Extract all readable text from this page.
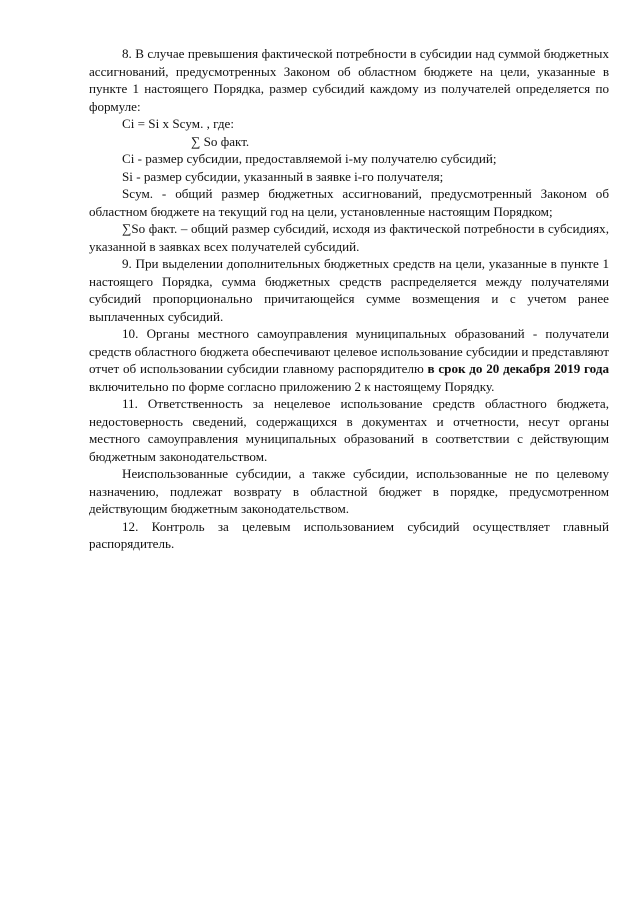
8. В случае превышения фактической потребности в субсидии над суммой бюджетных ассигнований, предусмотренных Законом об областном бюджете на цели, указанные в пункте 1 настоящего Порядка, размер субсидий каждому из получателей определяется по формуле:

Ci = Si x Scум. , где:

∑ So факт.

Ci - размер субсидии, предоставляемой i-му получателю субсидий;

Si - размер субсидии, указанный в заявке i-го получателя;

Scум. - общий размер бюджетных ассигнований, предусмотренный Законом об областном бюджете на текущий год на цели, установленные настоящим Порядком;

∑So факт. – общий размер субсидий, исходя из фактической потребности в субсидиях, указанной в заявках всех получателей субсидий.

9. При выделении дополнительных бюджетных средств на цели, указанные в пункте 1 настоящего Порядка, сумма бюджетных средств распределяется между получателями субсидий пропорционально причитающейся сумме возмещения и с учетом ранее выплаченных субсидий.

10. Органы местного самоуправления муниципальных образований - получатели средств областного бюджета обеспечивают целевое использование субсидии и представляют отчет об использовании субсидии главному распорядителю в срок до 20 декабря 2019 года включительно по форме согласно приложению 2 к настоящему Порядку.

11. Ответственность за нецелевое использование средств областного бюджета, недостоверность сведений, содержащихся в документах и отчетности, несут органы местного самоуправления муниципальных образований в соответствии с действующим бюджетным законодательством.

Неиспользованные субсидии, а также субсидии, использованные не по целевому назначению, подлежат возврату в областной бюджет в порядке, предусмотренном действующим бюджетным законодательством.

12. Контроль за целевым использованием субсидий осуществляет главный распорядитель.
